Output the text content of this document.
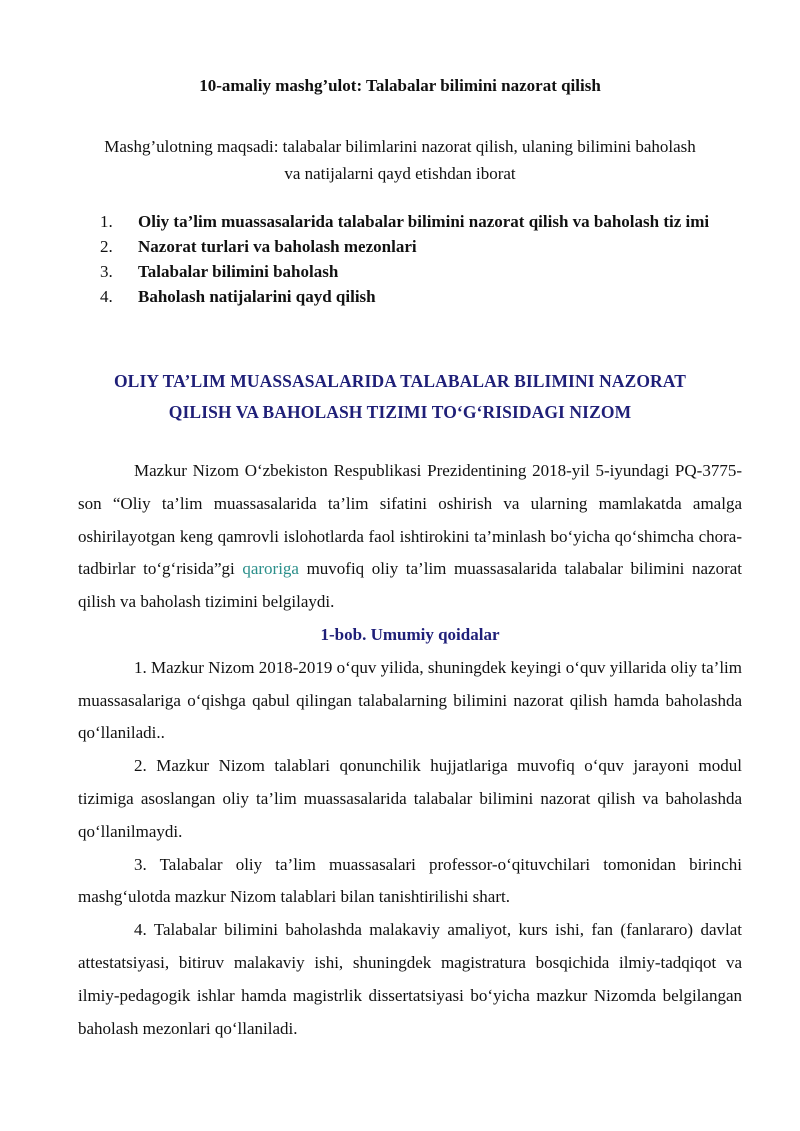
10-amaliy mashg’ulot: Talabalar bilimini nazorat qilish
Mashg’ulotning maqsadi: talabalar bilimlarini nazorat qilish, ulaning bilimini baholash va natijalarni qayd etishdan iborat
1. Oliy ta’lim muassasalarida talabalar bilimini nazorat qilish va baholash tiz imi
2. Nazorat turlari va baholash mezonlari
3. Talabalar bilimini baholash
4. Baholash natijalarini qayd qilish
OLIY TA’LIM MUASSASALARIDA TALABALAR BILIMINI NAZORAT
QILISH VA BAHOLASH TIZIMI TO‘G‘RISIDAGI NIZOM

Mazkur Nizom O‘zbekiston Respublikasi Prezidentining 2018-yil 5-iyundagi PQ-3775-son “Oliy ta’lim muassasalarida ta’lim sifatini oshirish va ularning mamlakatda amalga oshirilayotgan keng qamrovli islohotlarda faol ishtirokini ta’minlash bo‘yicha qo‘shimcha chora-tadbirlar to‘g‘risida”gi qaroriga muvofiq oliy ta’lim muassasalarida talabalar bilimini nazorat qilish va baholash tizimini belgilaydi.

1-bob. Umumiy qoidalar

1. Mazkur Nizom 2018-2019 o‘quv yilida, shuningdek keyingi o‘quv yillarida oliy ta’lim muassasalariga o‘qishga qabul qilingan talabalarning bilimini nazorat qilish hamda baholashda qo‘llaniladi..

2. Mazkur Nizom talablari qonunchilik hujjatlariga muvofiq o‘quv jarayoni modul tizimiga asoslangan oliy ta’lim muassasalarida talabalar bilimini nazorat qilish va baholashda qo‘llanilmaydi.

3. Talabalar oliy ta’lim muassasalari professor-o‘qituvchilari tomonidan birinchi mashg‘ulotda mazkur Nizom talablari bilan tanishtirilishi shart.

4. Talabalar bilimini baholashda malakaviy amaliyot, kurs ishi, fan (fanlararo) davlat attestatsiyasi, bitiruv malakaviy ishi, shuningdek magistratura bosqichida ilmiy-tadqiqot va ilmiy-pedagogik ishlar hamda magistrlik dissertatsiyasi bo‘yicha mazkur Nizomda belgilangan baholash mezonlari qo‘llaniladi.
